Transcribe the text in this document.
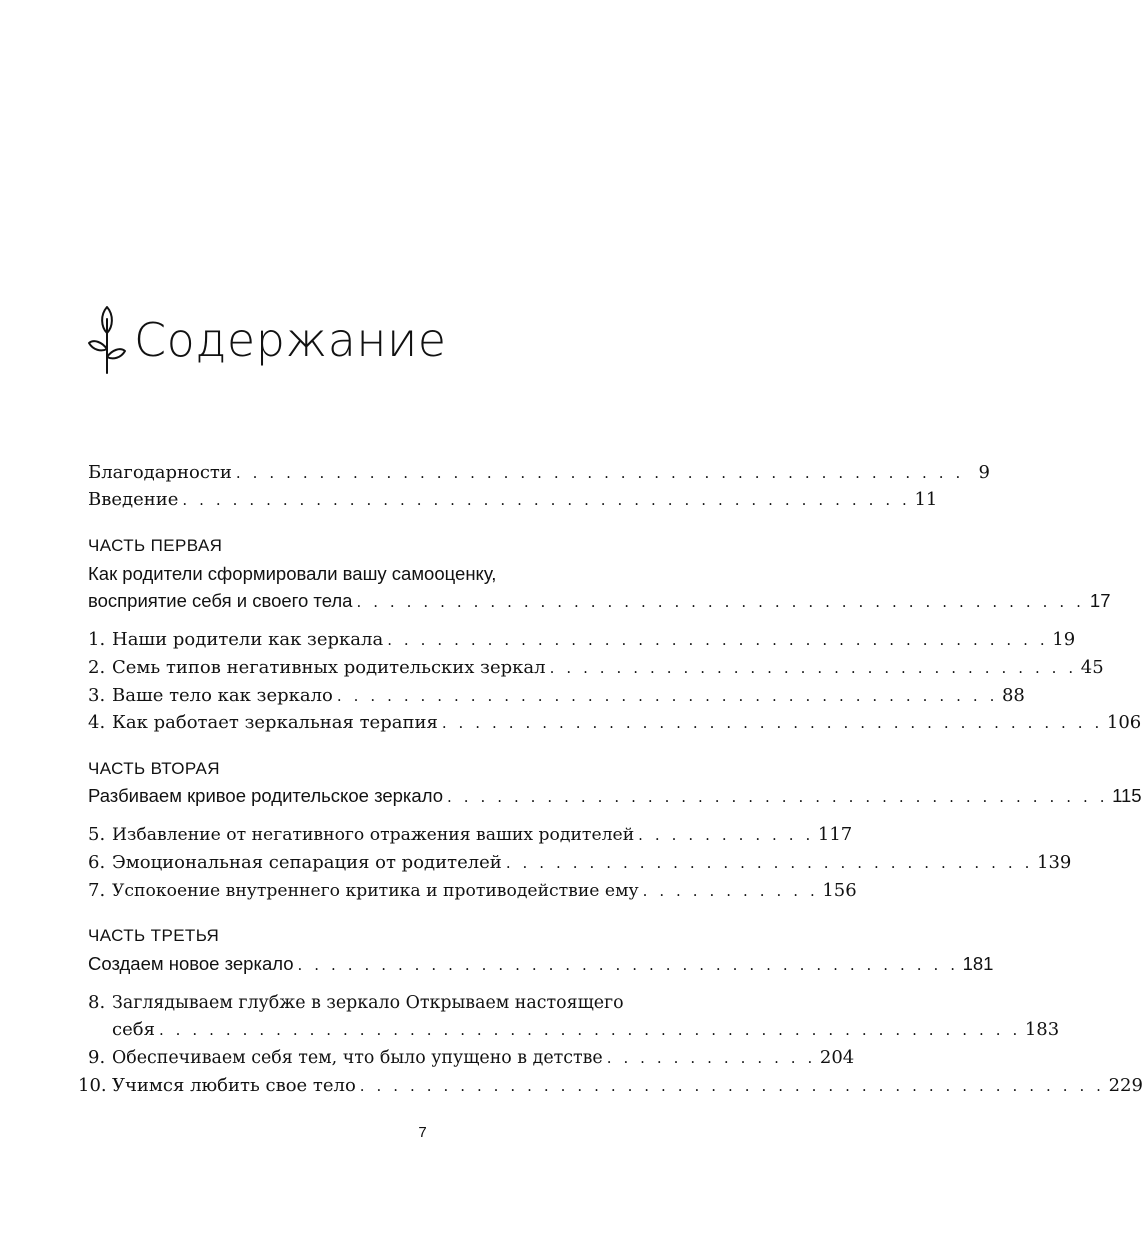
Содержание
Благодарности . . . . . . . . . . . . . . . . . . . . . . . . . . . . . . . . . . . . . . . . . . . . 9
Введение . . . . . . . . . . . . . . . . . . . . . . . . . . . . . . . . . . . . . . . . . . . . 11
ЧАСТЬ ПЕРВАЯ
Как родители сформировали вашу самооценку,
восприятие себя и своего тела . . . . . . . . . . . . . . . . . . . . . . . . . . . . . . . . . . . . . . . . . . . . 17
1. Наши родители как зеркала . . . . . . . . . . . . . . . . . . . . . . . . . . . . . . . . . . . . . . . . 19
2. Семь типов негативных родительских зеркал . . . . . . . . . . . . . . . . . . . . . . . . . . . . . . . . 45
3. Ваше тело как зеркало . . . . . . . . . . . . . . . . . . . . . . . . . . . . . . . . . . . . . . . . 88
4. Как работает зеркальная терапия . . . . . . . . . . . . . . . . . . . . . . . . . . . . . . . . . . . . . . . . 106
ЧАСТЬ ВТОРАЯ
Разбиваем кривое родительское зеркало . . . . . . . . . . . . . . . . . . . . . . . . . . . . . . . . . . . . . . . . 115
5. Избавление от негативного отражения ваших родителей . . . . . . . . . . . 117
6. Эмоциональная сепарация от родителей . . . . . . . . . . . . . . . . . . . . . . . . . . . . . . . . 139
7. Успокоение внутреннего критика и противодействие ему . . . . . . . . . . . 156
ЧАСТЬ ТРЕТЬЯ
Создаем новое зеркало . . . . . . . . . . . . . . . . . . . . . . . . . . . . . . . . . . . . . . . . 181
8. Заглядываем глубже в зеркало Открываем настоящего
себя . . . . . . . . . . . . . . . . . . . . . . . . . . . . . . . . . . . . . . . . . . . . . . . . . . . . 183
9. Обеспечиваем себя тем, что было упущено в детстве . . . . . . . . . . . . . 204
10. Учимся любить свое тело . . . . . . . . . . . . . . . . . . . . . . . . . . . . . . . . . . . . . . . . . . . . . 229
7
